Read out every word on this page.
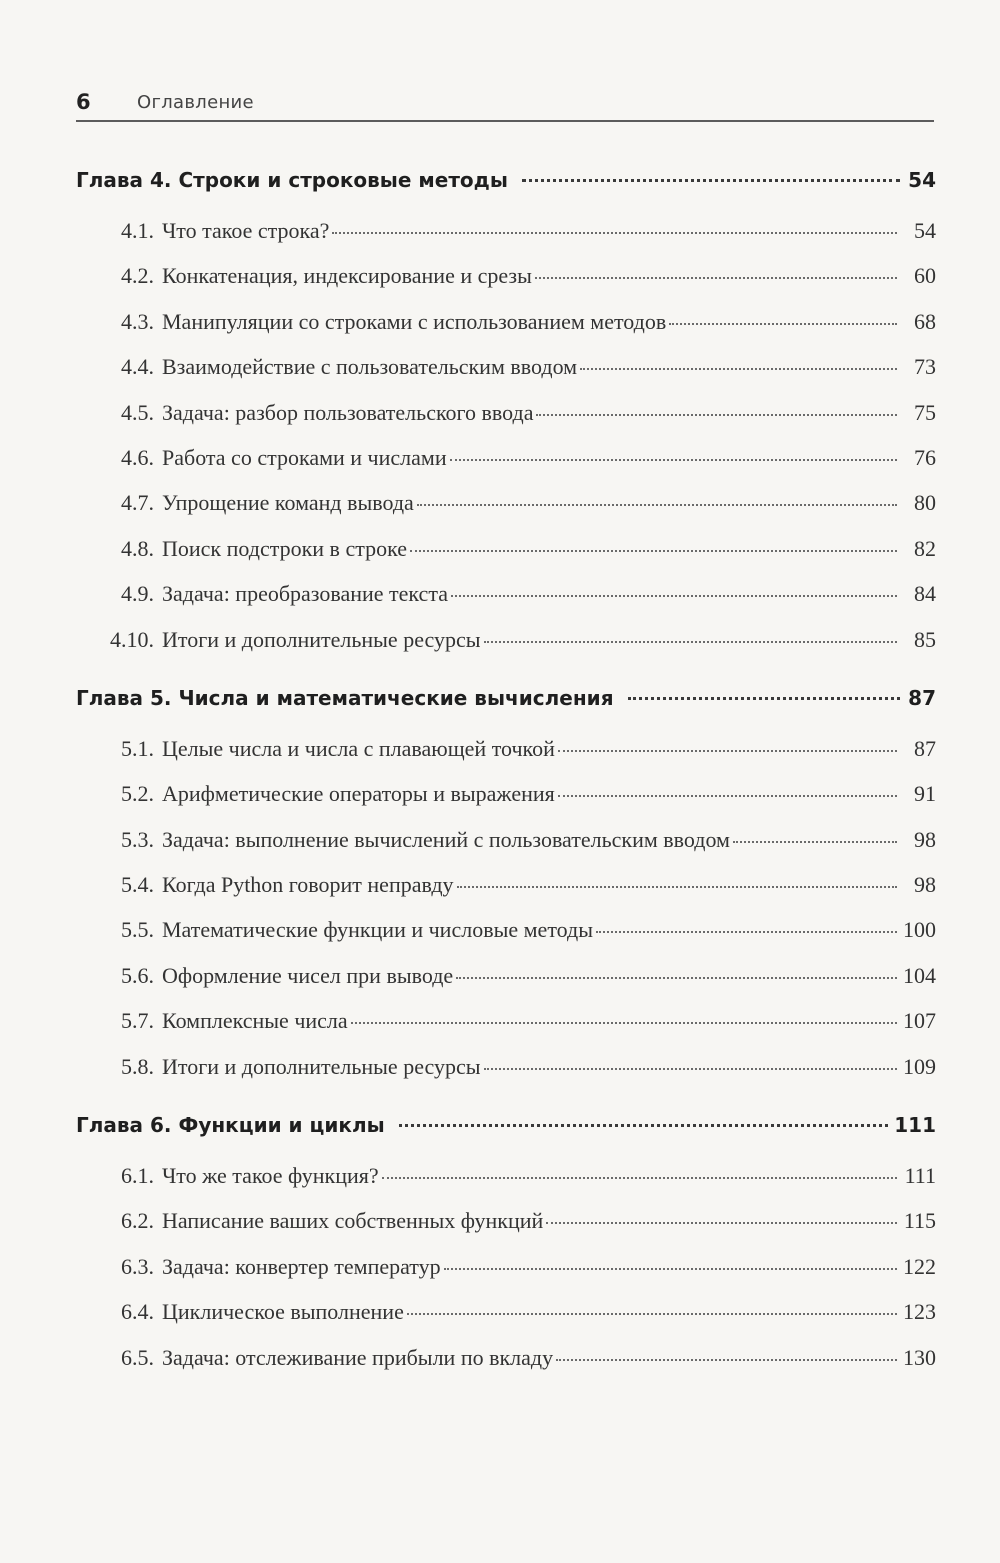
6	Оглавление
Глава 4. Строки и строковые методы	54
4.1. Что такое строка?	54
4.2. Конкатенация, индексирование и срезы	60
4.3. Манипуляции со строками с использованием методов	68
4.4. Взаимодействие с пользовательским вводом	73
4.5. Задача: разбор пользовательского ввода	75
4.6. Работа со строками и числами	76
4.7. Упрощение команд вывода	80
4.8. Поиск подстроки в строке	82
4.9. Задача: преобразование текста	84
4.10. Итоги и дополнительные ресурсы	85
Глава 5. Числа и математические вычисления	87
5.1. Целые числа и числа с плавающей точкой	87
5.2. Арифметические операторы и выражения	91
5.3. Задача: выполнение вычислений с пользовательским вводом	98
5.4. Когда Python говорит неправду	98
5.5. Математические функции и числовые методы	100
5.6. Оформление чисел при выводе	104
5.7. Комплексные числа	107
5.8. Итоги и дополнительные ресурсы	109
Глава 6. Функции и циклы	111
6.1. Что же такое функция?	111
6.2. Написание ваших собственных функций	115
6.3. Задача: конвертер температур	122
6.4. Циклическое выполнение	123
6.5. Задача: отслеживание прибыли по вкладу	130
